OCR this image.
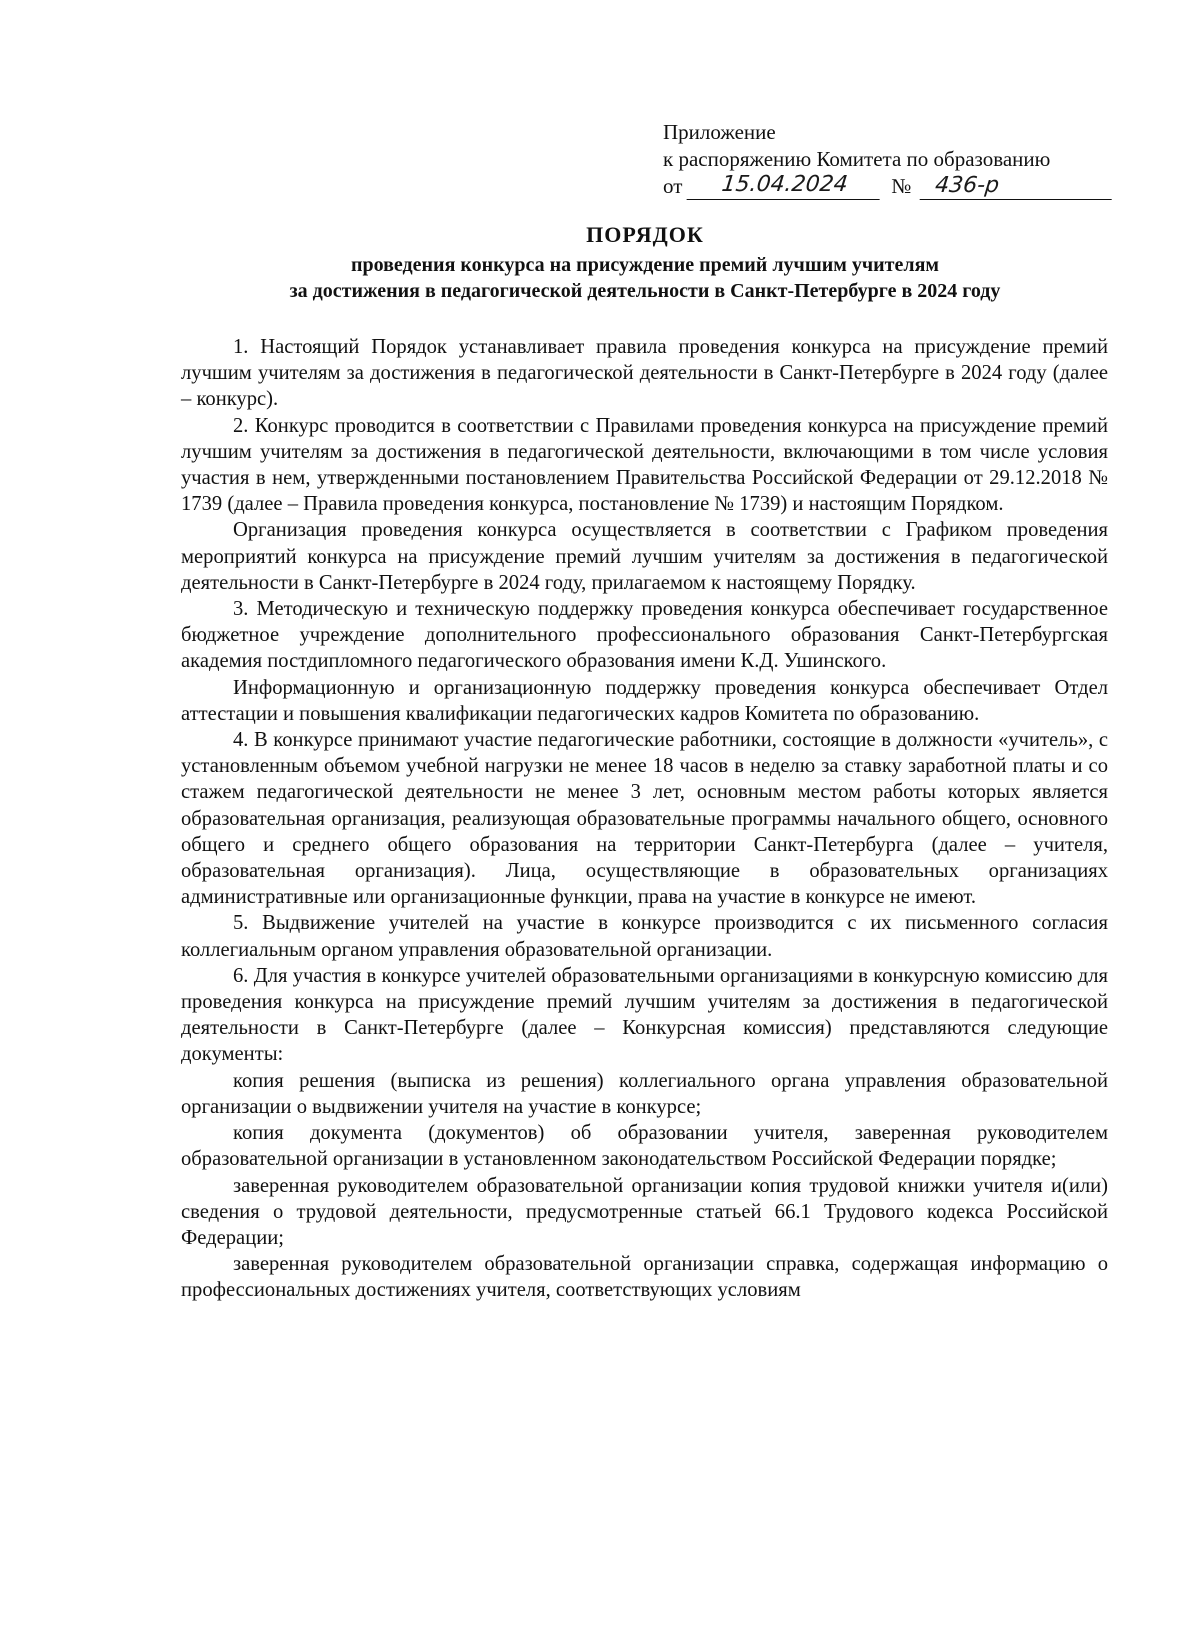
Приложение
к распоряжению Комитета по образованию
от	15.04.2024	№	436-р
ПОРЯДОК
проведения конкурса на присуждение премий лучшим учителям
за достижения в педагогической деятельности в Санкт-Петербурге в 2024 году

1. Настоящий Порядок устанавливает правила проведения конкурса на присуждение премий лучшим учителям за достижения в педагогической деятельности в Санкт-Петербурге в 2024 году (далее – конкурс).

2. Конкурс проводится в соответствии с Правилами проведения конкурса на присуждение премий лучшим учителям за достижения в педагогической деятельности, включающими в том числе условия участия в нем, утвержденными постановлением Правительства Российской Федерации от 29.12.2018 № 1739 (далее – Правила проведения конкурса, постановление № 1739) и настоящим Порядком.

Организация проведения конкурса осуществляется в соответствии с Графиком проведения мероприятий конкурса на присуждение премий лучшим учителям за достижения в педагогической деятельности в Санкт-Петербурге в 2024 году, прилагаемом к настоящему Порядку.

3. Методическую и техническую поддержку проведения конкурса обеспечивает государственное бюджетное учреждение дополнительного профессионального образования Санкт-Петербургская академия постдипломного педагогического образования имени К.Д. Ушинского.

Информационную и организационную поддержку проведения конкурса обеспечивает Отдел аттестации и повышения квалификации педагогических кадров Комитета по образованию.

4. В конкурсе принимают участие педагогические работники, состоящие в должности «учитель», с установленным объемом учебной нагрузки не менее 18 часов в неделю за ставку заработной платы и со стажем педагогической деятельности не менее 3 лет, основным местом работы которых является образовательная организация, реализующая образовательные программы начального общего, основного общего и среднего общего образования на территории Санкт-Петербурга (далее – учителя, образовательная организация). Лица, осуществляющие в образовательных организациях административные или организационные функции, права на участие в конкурсе не имеют.

5. Выдвижение учителей на участие в конкурсе производится с их письменного согласия коллегиальным органом управления образовательной организации.

6. Для участия в конкурсе учителей образовательными организациями в конкурсную комиссию для проведения конкурса на присуждение премий лучшим учителям за достижения в педагогической деятельности в Санкт-Петербурге (далее – Конкурсная комиссия) представляются следующие документы:

копия решения (выписка из решения) коллегиального органа управления образовательной организации о выдвижении учителя на участие в конкурсе;

копия документа (документов) об образовании учителя, заверенная руководителем образовательной организации в установленном законодательством Российской Федерации порядке;

заверенная руководителем образовательной организации копия трудовой книжки учителя и(или) сведения о трудовой деятельности, предусмотренные статьей 66.1 Трудового кодекса Российской Федерации;

заверенная руководителем образовательной организации справка, содержащая информацию о профессиональных достижениях учителя, соответствующих условиям
